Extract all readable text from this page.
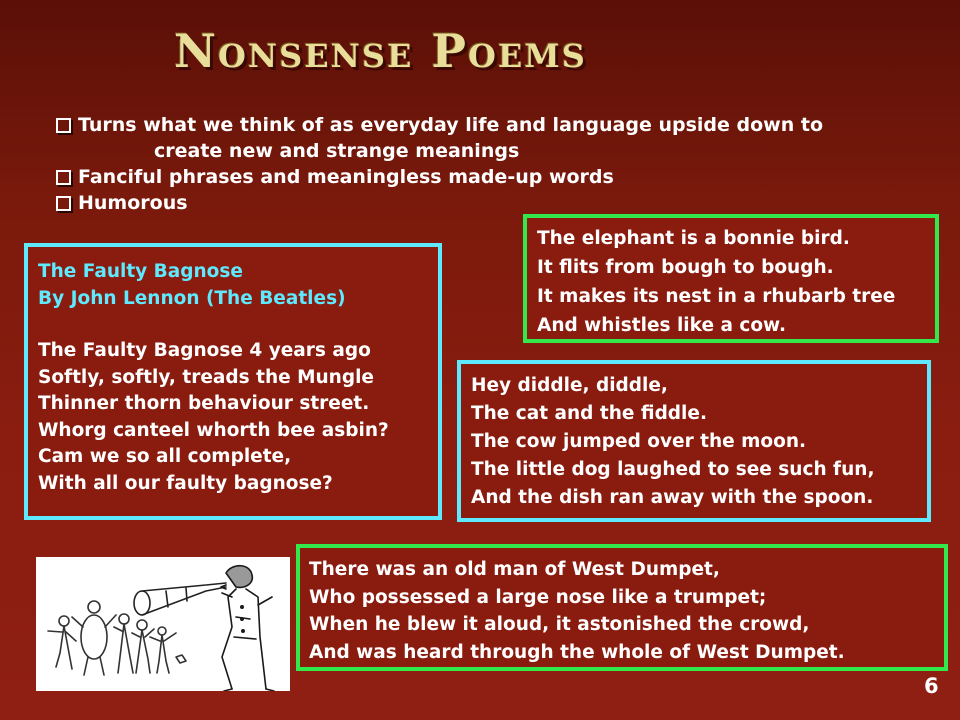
Nonsense Poems
Turns what we think of as everyday life and language upside down to
create new and strange meanings
Fanciful phrases and meaningless made-up words
Humorous
The Faulty Bagnose
By John Lennon (The Beatles)
The Faulty Bagnose 4 years ago
Softly, softly, treads the Mungle
Thinner thorn behaviour street.
Whorg canteel whorth bee asbin?
Cam we so all complete,
With all our faulty bagnose?
The elephant is a bonnie bird.
It flits from bough to bough.
It makes its nest in a rhubarb tree
And whistles like a cow.
Hey diddle, diddle,
The cat and the fiddle.
The cow jumped over the moon.
The little dog laughed to see such fun,
And the dish ran away with the spoon.
There was an old man of West Dumpet,
Who possessed a large nose like a trumpet;
When he blew it aloud, it astonished the crowd,
And was heard through the whole of West Dumpet.
6
